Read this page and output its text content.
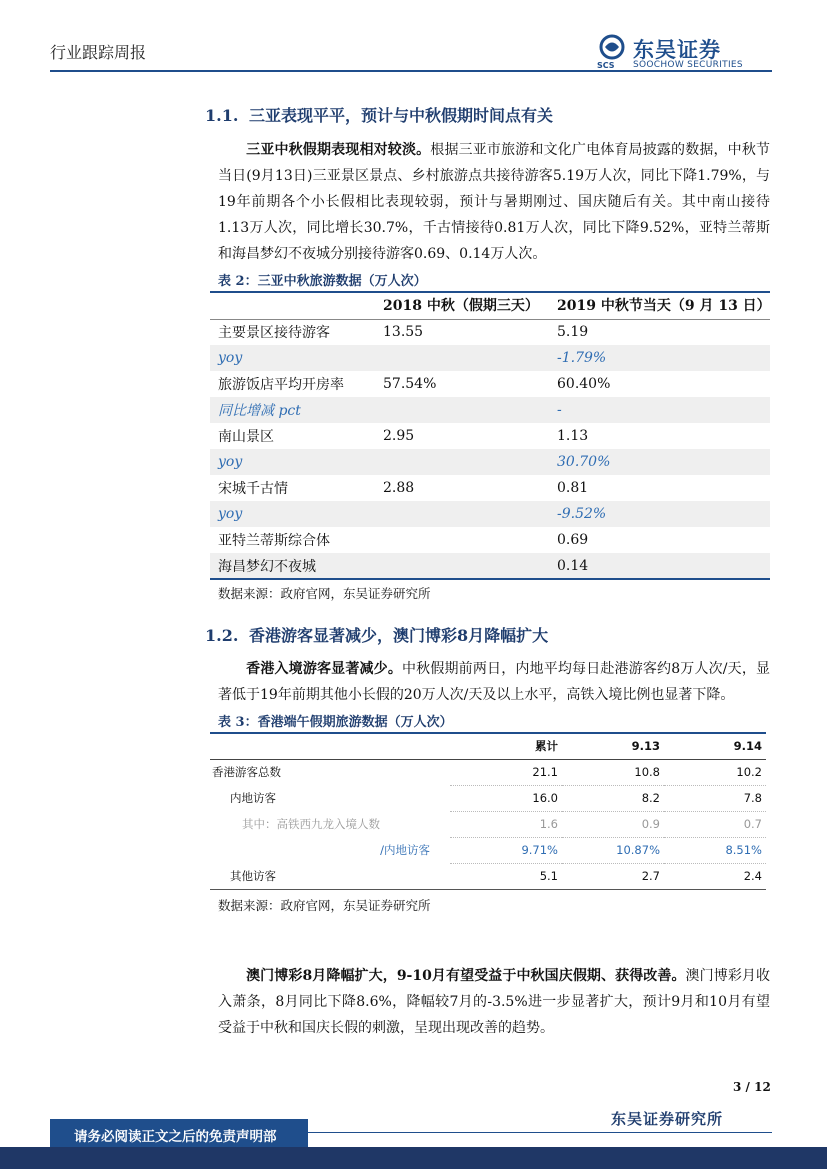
行业跟踪周报
SCS
东吴证券
SOOCHOW SECURITIES
1.1. 三亚表现平平，预计与中秋假期时间点有关
三亚中秋假期表现相对较淡。根据三亚市旅游和文化广电体育局披露的数据，中秋节当日(9月13日)三亚景区景点、乡村旅游点共接待游客5.19万人次，同比下降1.79%，与19年前期各个小长假相比表现较弱，预计与暑期刚过、国庆随后有关。其中南山接待1.13万人次，同比增长30.7%，千古情接待0.81万人次，同比下降9.52%，亚特兰蒂斯和海昌梦幻不夜城分别接待游客0.69、0.14万人次。
表 2：三亚中秋旅游数据（万人次）
	2018 中秋（假期三天）	2019 中秋节当天（9 月 13 日）
主要景区接待游客	13.55	5.19
yoy		-1.79%
旅游饭店平均开房率	57.54%	60.40%
同比增减 pct		-
南山景区	2.95	1.13
yoy		30.70%
宋城千古情	2.88	0.81
yoy		-9.52%
亚特兰蒂斯综合体		0.69
海昌梦幻不夜城		0.14
数据来源：政府官网，东吴证券研究所
1.2. 香港游客显著减少，澳门博彩8月降幅扩大
香港入境游客显著减少。中秋假期前两日，内地平均每日赴港游客约8万人次/天，显著低于19年前期其他小长假的20万人次/天及以上水平，高铁入境比例也显著下降。
表 3：香港端午假期旅游数据（万人次）
	累计	9.13	9.14
香港游客总数	21.1	10.8	10.2
内地访客	16.0	8.2	7.8
其中：高铁西九龙入境人数	1.6	0.9	0.7
/内地访客	9.71%	10.87%	8.51%
其他访客	5.1	2.7	2.4
数据来源：政府官网，东吴证券研究所
澳门博彩8月降幅扩大，9-10月有望受益于中秋国庆假期、获得改善。澳门博彩月收入萧条，8月同比下降8.6%，降幅较7月的-3.5%进一步显著扩大，预计9月和10月有望受益于中秋和国庆长假的刺激，呈现出现改善的趋势。
3 / 12
东吴证券研究所
请务必阅读正文之后的免责声明部
